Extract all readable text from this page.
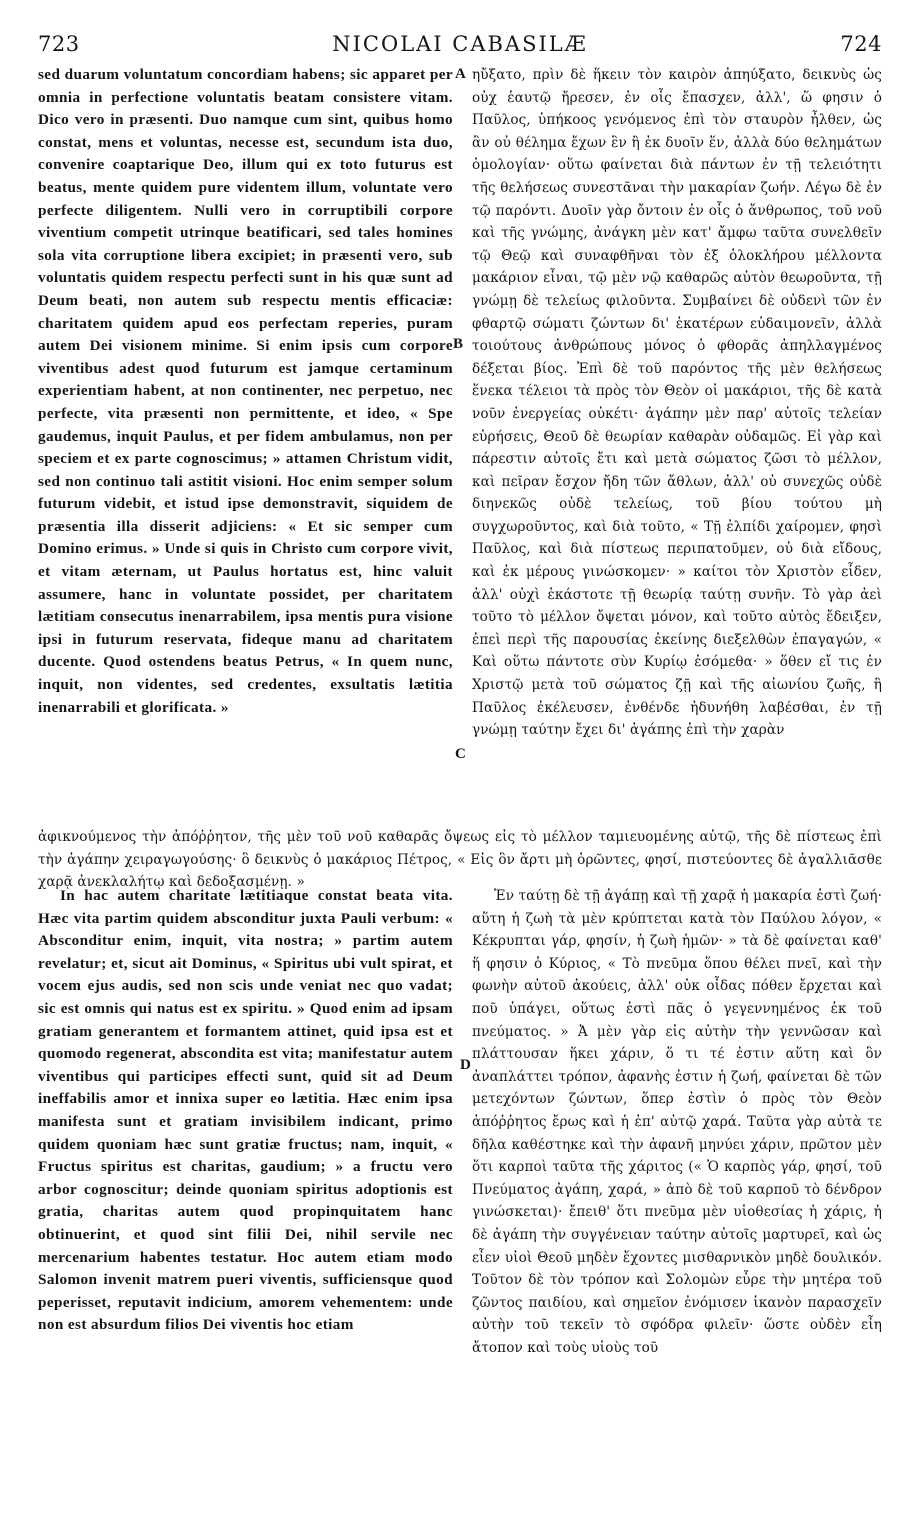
723	NICOLAI CABASILÆ	724

sed duarum voluntatum concordiam habens; sic apparet per omnia in perfectione voluntatis beatam consistere vitam. Dico vero in præsenti. Duo namque cum sint, quibus homo constat, mens et voluntas, necesse est, secundum ista duo, convenire coaptarique Deo, illum qui ex toto futurus est beatus, mente quidem pure videntem illum, voluntate vero perfecte diligentem. Nulli vero in corruptibili corpore viventium competit utrinque beatificari, sed tales homines sola vita corruptione libera excipiet; in præsenti vero, sub voluntatis quidem respectu perfecti sunt in his quæ sunt ad Deum beati, non autem sub respectu mentis efficaciæ: charitatem quidem apud eos perfectam reperies, puram autem Dei visionem minime. Si enim ipsis cum corpore viventibus adest quod futurum est jamque certaminum experientiam habent, at non continenter, nec perpetuo, nec perfecte, vita præsenti non permittente, et ideo, « Spe gaudemus, inquit Paulus, et per fidem ambulamus, non per speciem et ex parte cognoscimus; » attamen Christum vidit, sed non continuo tali astitit visioni. Hoc enim semper solum futurum videbit, et istud ipse demonstravit, siquidem de præsentia illa disserit adjiciens: « Et sic semper cum Domino erimus. » Unde si quis in Christo cum corpore vivit, et vitam æternam, ut Paulus hortatus est, hinc valuit assumere, hanc in voluntate possidet, per charitatem lætitiam consecutus inenarrabilem, ipsa mentis pura visione ipsi in futurum reservata, fideque manu ad charitatem ducente. Quod ostendens beatus Petrus, « In quem nunc, inquit, non videntes, sed credentes, exsultatis lætitia inenarrabili et glorificata. »

ηὔξατο, πρὶν δὲ ἥκειν τὸν καιρὸν ἀπηύξατο, δεικνὺς ὡς οὐχ ἑαυτῷ ἤρεσεν, ἐν οἷς ἔπασχεν, ἀλλ', ὥ φησιν ὁ Παῦλος, ὑπήκοος γενόμενος ἐπὶ τὸν σταυρὸν ἦλθεν, ὡς ἂν οὐ θέλημα ἔχων ἓν ἢ ἐκ δυοῖν ἕν, ἀλλὰ δύο θελημάτων ὁμολογίαν· οὕτω φαίνεται διὰ πάντων ἐν τῇ τελειότητι τῆς θελήσεως συνεστᾶναι τὴν μακαρίαν ζωήν. Λέγω δὲ ἐν τῷ παρόντι. Δυοῖν γὰρ ὄντοιν ἐν οἷς ὁ ἄνθρωπος, τοῦ νοῦ καὶ τῆς γνώμης, ἀνάγκη μὲν κατ' ἄμφω ταῦτα συνελθεῖν τῷ Θεῷ καὶ συναφθῆναι τὸν ἐξ ὁλοκλήρου μέλλοντα μακάριον εἶναι, τῷ μὲν νῷ καθαρῶς αὐτὸν θεωροῦντα, τῇ γνώμῃ δὲ τελείως φιλοῦντα. Συμβαίνει δὲ οὐδενὶ τῶν ἐν φθαρτῷ σώματι ζώντων δι' ἑκατέρων εὐδαιμονεῖν, ἀλλὰ τοιούτους ἀνθρώπους μόνος ὁ φθορᾶς ἀπηλλαγμένος δέξεται βίος. Ἐπὶ δὲ τοῦ παρόντος τῆς μὲν θελήσεως ἕνεκα τέλειοι τὰ πρὸς τὸν Θεὸν οἱ μακάριοι, τῆς δὲ κατὰ νοῦν ἐνεργείας οὐκέτι· ἀγάπην μὲν παρ' αὐτοῖς τελείαν εὑρήσεις, Θεοῦ δὲ θεωρίαν καθαρὰν οὐδαμῶς. Εἰ γὰρ καὶ πάρεστιν αὐτοῖς ἔτι καὶ μετὰ σώματος ζῶσι τὸ μέλλον, καὶ πεῖραν ἔσχον ἤδη τῶν ἄθλων, ἀλλ' οὐ συνεχῶς οὐδὲ διηνεκῶς οὐδὲ τελείως, τοῦ βίου τούτου μὴ συγχωροῦντος, καὶ διὰ τοῦτο, « Τῇ ἐλπίδι χαίρομεν, φησὶ Παῦλος, καὶ διὰ πίστεως περιπατοῦμεν, οὐ διὰ εἴδους, καὶ ἐκ μέρους γινώσκομεν· » καίτοι τὸν Χριστὸν εἶδεν, ἀλλ' οὐχὶ ἑκάστοτε τῇ θεωρίᾳ ταύτῃ συνῆν. Τὸ γὰρ ἀεὶ τοῦτο τὸ μέλλον ὄψεται μόνον, καὶ τοῦτο αὐτὸς ἔδειξεν, ἐπεὶ περὶ τῆς παρουσίας ἐκείνης διεξελθὼν ἐπαγαγών, « Καὶ οὕτω πάντοτε σὺν Κυρίῳ ἐσόμεθα· » ὅθεν εἴ τις ἐν Χριστῷ μετὰ τοῦ σώματος ζῇ καὶ τῆς αἰωνίου ζωῆς, ἣ Παῦλος ἐκέλευσεν, ἐνθένδε ἠδυνήθη λαβέσθαι, ἐν τῇ γνώμῃ ταύτην ἔχει δι' ἀγάπης ἐπὶ τὴν χαρὰν

A
B
C
D

ἀφικνούμενος τὴν ἀπόῤῥητον, τῆς μὲν τοῦ νοῦ καθαρᾶς ὄψεως εἰς τὸ μέλλον ταμιευομένης αὐτῷ, τῆς δὲ πίστεως ἐπὶ τὴν ἀγάπην χειραγωγούσης· ὃ δεικνὺς ὁ μακάριος Πέτρος, « Εἰς ὃν ἄρτι μὴ ὁρῶντες, φησί, πιστεύοντες δὲ ἀγαλλιᾶσθε χαρᾷ ἀνεκλαλήτῳ καὶ δεδοξασμένῃ. »

In hac autem charitate lætitiaque constat beata vita. Hæc vita partim quidem absconditur juxta Pauli verbum: « Absconditur enim, inquit, vita nostra; » partim autem revelatur; et, sicut ait Dominus, « Spiritus ubi vult spirat, et vocem ejus audis, sed non scis unde veniat nec quo vadat; sic est omnis qui natus est ex spiritu. » Quod enim ad ipsam gratiam generantem et formantem attinet, quid ipsa est et quomodo regenerat, abscondita est vita; manifestatur autem viventibus qui participes effecti sunt, quid sit ad Deum ineffabilis amor et innixa super eo lætitia. Hæc enim ipsa manifesta sunt et gratiam invisibilem indicant, primo quidem quoniam hæc sunt gratiæ fructus; nam, inquit, « Fructus spiritus est charitas, gaudium; » a fructu vero arbor cognoscitur; deinde quoniam spiritus adoptionis est gratia, charitas autem quod propinquitatem hanc obtinuerint, et quod sint filii Dei, nihil servile nec mercenarium habentes testatur. Hoc autem etiam modo Salomon invenit matrem pueri viventis, sufficiensque quod peperisset, reputavit indicium, amorem vehementem: unde non est absurdum filios Dei viventis hoc etiam

Ἐν ταύτῃ δὲ τῇ ἀγάπῃ καὶ τῇ χαρᾷ ἡ μακαρία ἐστὶ ζωή· αὕτη ἡ ζωὴ τὰ μὲν κρύπτεται κατὰ τὸν Παύλου λόγον, « Κέκρυπται γάρ, φησίν, ἡ ζωὴ ἡμῶν· » τὰ δὲ φαίνεται καθ' ἥ φησιν ὁ Κύριος, « Τὸ πνεῦμα ὅπου θέλει πνεῖ, καὶ τὴν φωνὴν αὐτοῦ ἀκούεις, ἀλλ' οὐκ οἶδας πόθεν ἔρχεται καὶ ποῦ ὑπάγει, οὕτως ἐστὶ πᾶς ὁ γεγεννημένος ἐκ τοῦ πνεύματος. » Ἀ μὲν γὰρ εἰς αὐτὴν τὴν γεννῶσαν καὶ πλάττουσαν ἥκει χάριν, ὅ τι τέ ἐστιν αὕτη καὶ ὃν ἀναπλάττει τρόπον, ἀφανὴς ἐστιν ἡ ζωή, φαίνεται δὲ τῶν μετεχόντων ζώντων, ὅπερ ἐστὶν ὁ πρὸς τὸν Θεὸν ἀπόῤῥητος ἔρως καὶ ἡ ἐπ' αὐτῷ χαρά. Ταῦτα γὰρ αὐτὰ τε δῆλα καθέστηκε καὶ τὴν ἀφανῆ μηνύει χάριν, πρῶτον μὲν ὅτι καρποὶ ταῦτα τῆς χάριτος (« Ὁ καρπὸς γάρ, φησί, τοῦ Πνεύματος ἀγάπη, χαρά, » ἀπὸ δὲ τοῦ καρποῦ τὸ δένδρον γινώσκεται)· ἔπειθ' ὅτι πνεῦμα μὲν υἱοθεσίας ἡ χάρις, ἡ δὲ ἀγάπη τὴν συγγένειαν ταύτην αὐτοῖς μαρτυρεῖ, καὶ ὡς εἶεν υἱοὶ Θεοῦ μηδὲν ἔχοντες μισθαρνικὸν μηδὲ δουλικόν. Τοῦτον δὲ τὸν τρόπον καὶ Σολομὼν εὗρε τὴν μητέρα τοῦ ζῶντος παιδίου, καὶ σημεῖον ἐνόμισεν ἱκανὸν παρασχεῖν αὐτὴν τοῦ τεκεῖν τὸ σφόδρα φιλεῖν· ὥστε οὐδὲν εἶη ἄτοπον καὶ τοὺς υἱοὺς τοῦ
